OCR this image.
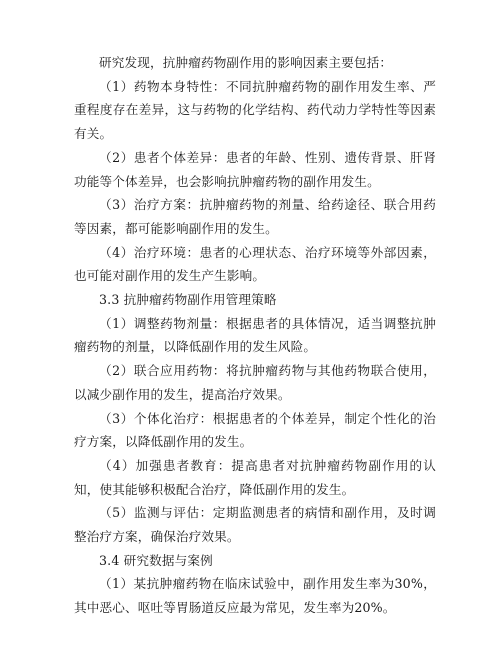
研究发现，抗肿瘤药物副作用的影响因素主要包括：

（1）药物本身特性：不同抗肿瘤药物的副作用发生率、严重程度存在差异，这与药物的化学结构、药代动力学特性等因素有关。

（2）患者个体差异：患者的年龄、性别、遗传背景、肝肾功能等个体差异，也会影响抗肿瘤药物的副作用发生。

（3）治疗方案：抗肿瘤药物的剂量、给药途径、联合用药等因素，都可能影响副作用的发生。

（4）治疗环境：患者的心理状态、治疗环境等外部因素，也可能对副作用的发生产生影响。

3.3 抗肿瘤药物副作用管理策略

（1）调整药物剂量：根据患者的具体情况，适当调整抗肿瘤药物的剂量，以降低副作用的发生风险。

（2）联合应用药物：将抗肿瘤药物与其他药物联合使用，以减少副作用的发生，提高治疗效果。

（3）个体化治疗：根据患者的个体差异，制定个性化的治疗方案，以降低副作用的发生。

（4）加强患者教育：提高患者对抗肿瘤药物副作用的认知，使其能够积极配合治疗，降低副作用的发生。

（5）监测与评估：定期监测患者的病情和副作用，及时调整治疗方案，确保治疗效果。

3.4 研究数据与案例

（1）某抗肿瘤药物在临床试验中，副作用发生率为30%，其中恶心、呕吐等胃肠道反应最为常见，发生率为20%。
